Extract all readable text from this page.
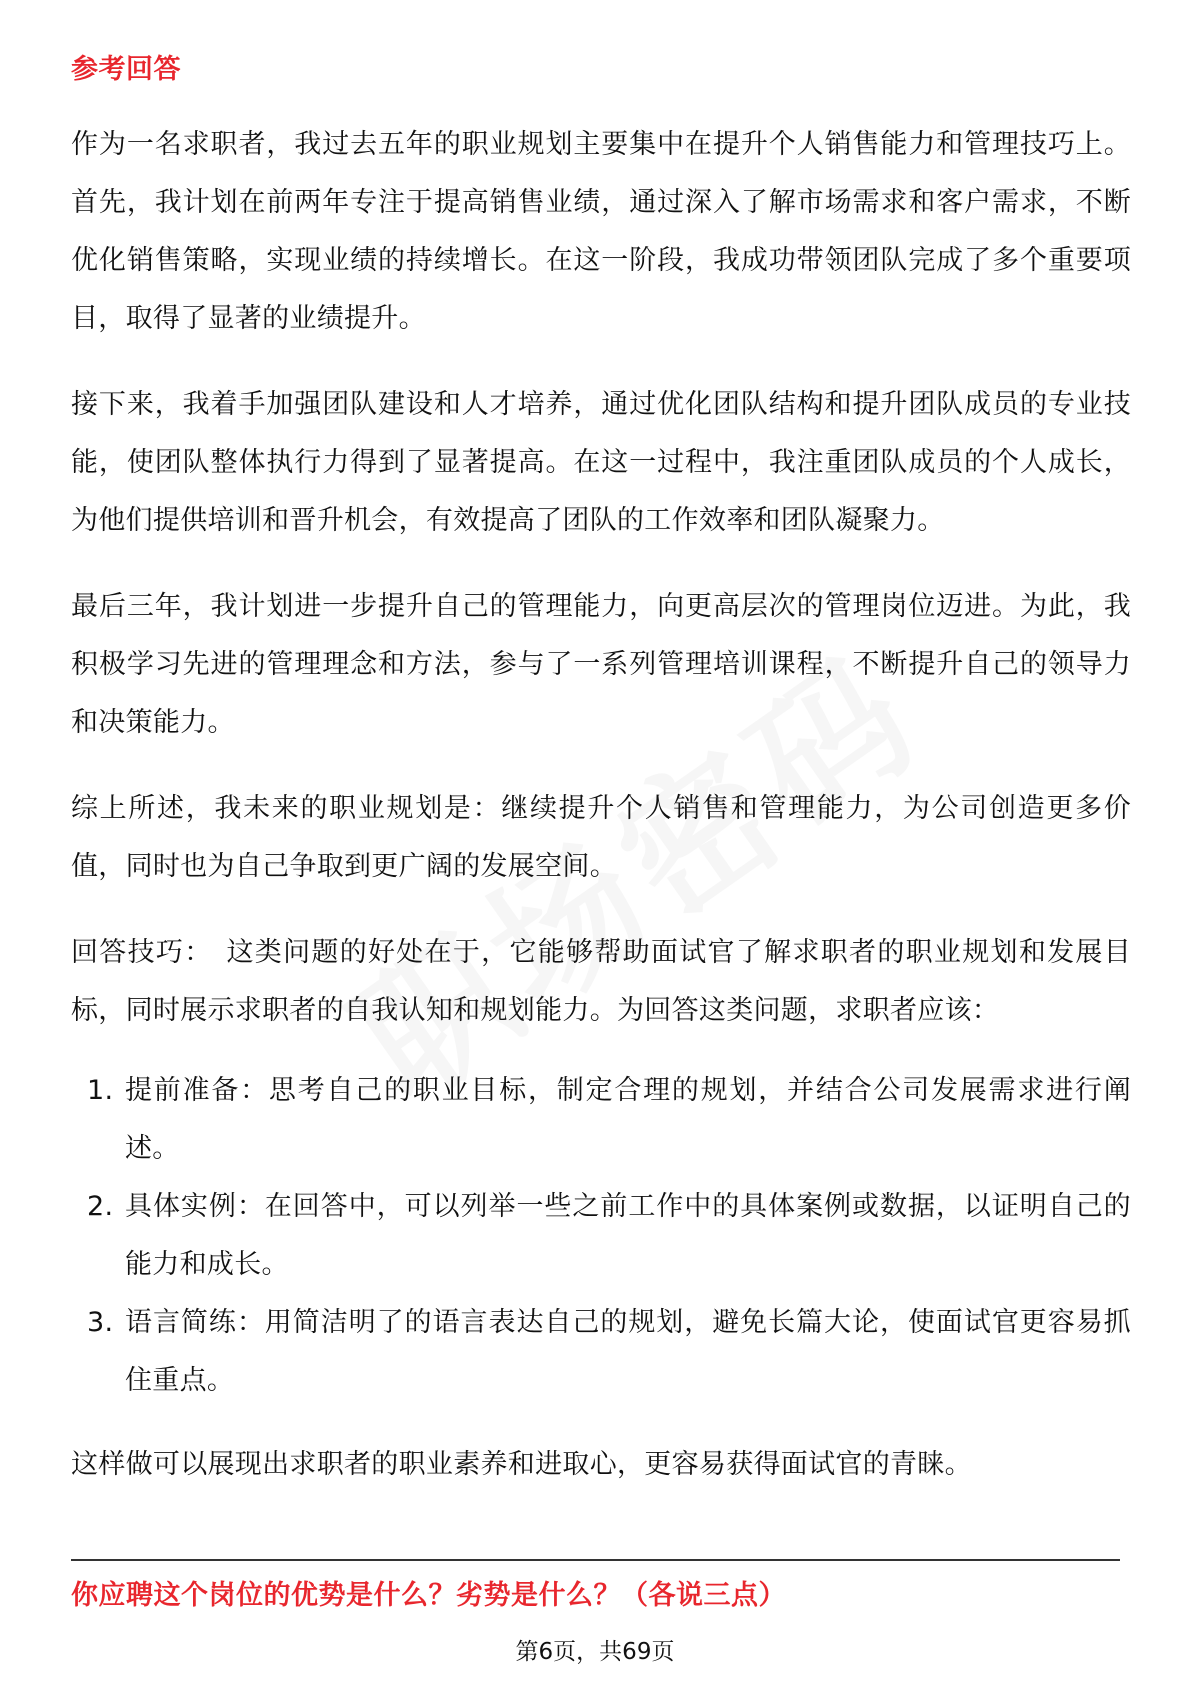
参考回答

作为一名求职者，我过去五年的职业规划主要集中在提升个人销售能力和管理技巧上。首先，我计划在前两年专注于提高销售业绩，通过深入了解市场需求和客户需求，不断优化销售策略，实现业绩的持续增长。在这一阶段，我成功带领团队完成了多个重要项目，取得了显著的业绩提升。

接下来，我着手加强团队建设和人才培养，通过优化团队结构和提升团队成员的专业技能，使团队整体执行力得到了显著提高。在这一过程中，我注重团队成员的个人成长，为他们提供培训和晋升机会，有效提高了团队的工作效率和团队凝聚力。

最后三年，我计划进一步提升自己的管理能力，向更高层次的管理岗位迈进。为此，我积极学习先进的管理理念和方法，参与了一系列管理培训课程，不断提升自己的领导力和决策能力。

综上所述，我未来的职业规划是：继续提升个人销售和管理能力，为公司创造更多价值，同时也为自己争取到更广阔的发展空间。

回答技巧： 这类问题的好处在于，它能够帮助面试官了解求职者的职业规划和发展目标，同时展示求职者的自我认知和规划能力。为回答这类问题，求职者应该：

1. 提前准备：思考自己的职业目标，制定合理的规划，并结合公司发展需求进行阐述。
2. 具体实例：在回答中，可以列举一些之前工作中的具体案例或数据，以证明自己的能力和成长。
3. 语言简练：用简洁明了的语言表达自己的规划，避免长篇大论，使面试官更容易抓住重点。

这样做可以展现出求职者的职业素养和进取心，更容易获得面试官的青睐。

你应聘这个岗位的优势是什么？劣势是什么？（各说三点）
第6页，共69页
